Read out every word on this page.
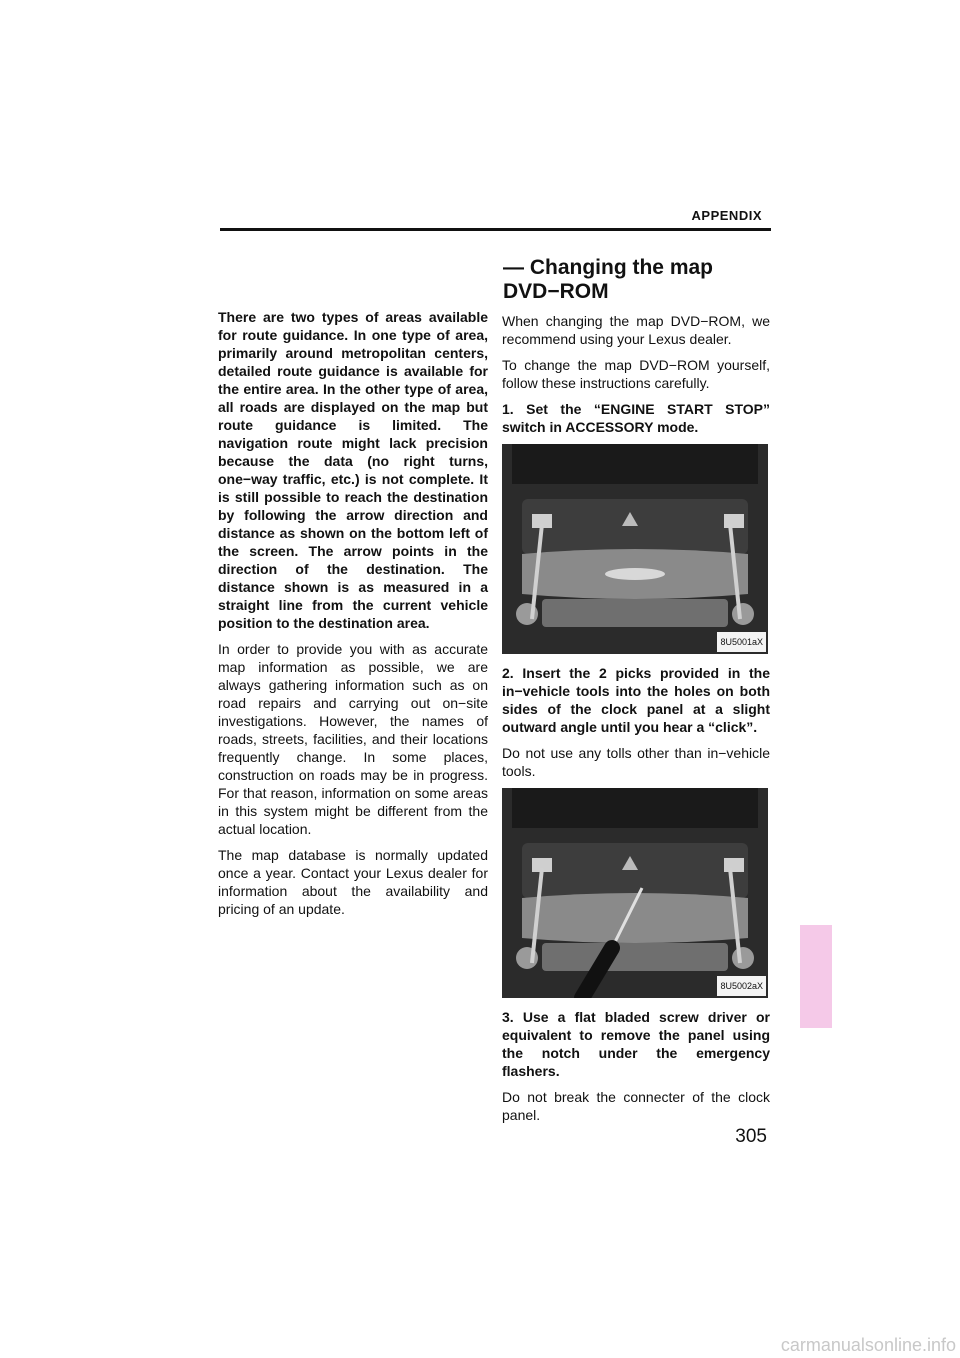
APPENDIX
— Changing the map
DVD−ROM

There are two types of areas available for route guidance. In one type of area, primarily around metropolitan centers, detailed route guidance is available for the entire area. In the other type of area, all roads are displayed on the map but route guidance is limited. The navigation route might lack precision because the data (no right turns, one−way traffic, etc.) is not complete. It is still possible to reach the destination by following the arrow direction and distance as shown on the bottom left of the screen. The arrow points in the direction of the destination. The distance shown is as measured in a straight line from the current vehicle position to the destination area.

In order to provide you with as accurate map information as possible, we are always gathering information such as on road repairs and carrying out on−site investigations. However, the names of roads, streets, facilities, and their locations frequently change. In some places, construction on roads may be in progress. For that reason, information on some areas in this system might be different from the actual location.

The map database is normally updated once a year. Contact your Lexus dealer for information about the availability and pricing of an update.

When changing the map DVD−ROM, we recommend using your Lexus dealer.

To change the map DVD−ROM yourself, follow these instructions carefully.

1. Set the “ENGINE START STOP” switch in ACCESSORY mode.

8U5001aX

2. Insert the 2 picks provided in the in−vehicle tools into the holes on both sides of the clock panel at a slight outward angle until you hear a “click”.

Do not use any tolls other than in−vehicle tools.

8U5002aX

3. Use a flat bladed screw driver or equivalent to remove the panel using the notch under the emergency flashers.

Do not break the connecter of the clock panel.

305
carmanualsonline.info
